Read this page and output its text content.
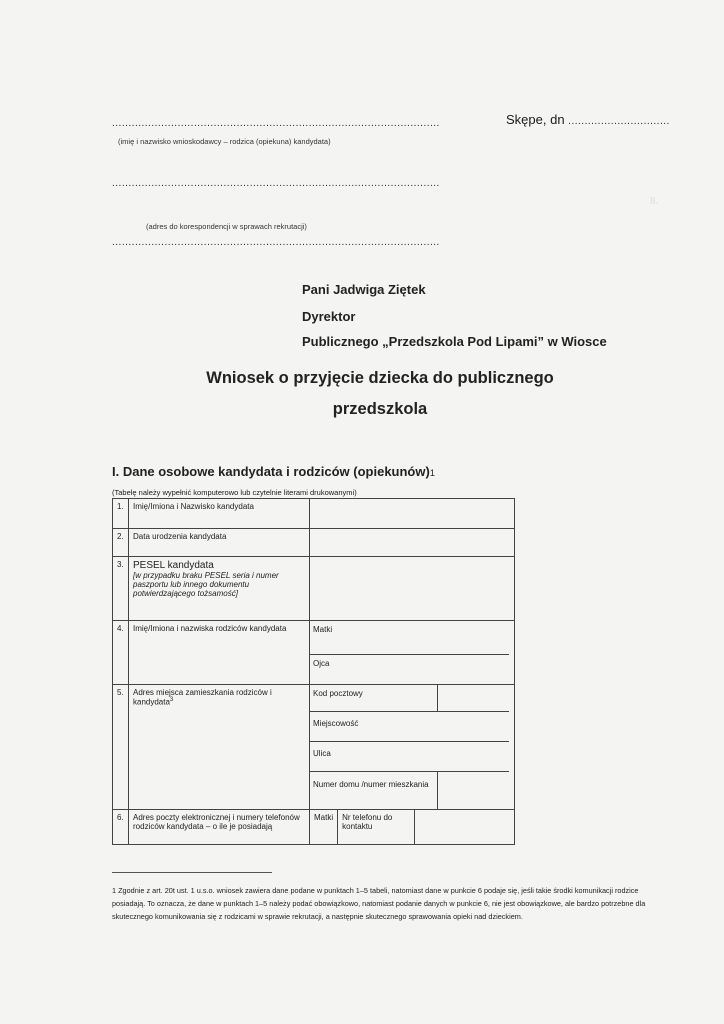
II.
....................................................................................................
(imię i nazwisko wnioskodawcy – rodzica (opiekuna) kandydata)
Skępe, dn ...............................
....................................................................................................
(adres do korespondencji w sprawach rekrutacji)
....................................................................................................
Pani Jadwiga Ziętek
Dyrektor
Publicznego „Przedszkola Pod Lipami” w Wiosce
Wniosek o przyjęcie dziecka do publicznego
przedszkola
I. Dane osobowe kandydata i rodziców (opiekunów)1
(Tabelę należy wypełnić komputerowo lub czytelnie literami drukowanymi)
1.	Imię/Imiona i Nazwisko kandydata			
2.	Data urodzenia kandydata			
3.	PESEL kandydata
[w przypadku braku PESEL seria i numer paszportu lub innego dokumentu potwierdzającego tożsamość]			

4.	Imię/Imiona i nazwiska rodziców kandydata	Matki
Ojca		

5.	Adres miejsca zamieszkania rodziców i kandydata$^3$	Kod pocztowy
Miejscowość
Ulica
Numer domu /numer mieszkania		

6.	Adres poczty elektronicznej i numery telefonów rodziców kandydata – o ile je posiadają	Matki	Nr telefonu do kontaktu	
1 Zgodnie z art. 20t ust. 1 u.s.o. wniosek zawiera dane podane w punktach 1–5 tabeli, natomiast dane w punkcie 6 podaje się, jeśli takie środki komunikacji rodzice posiadają. To oznacza, że dane w punktach 1–5 należy podać obowiązkowo, natomiast podanie danych w punkcie 6, nie jest obowiązkowe, ale bardzo potrzebne dla skutecznego komunikowania się z rodzicami w sprawie rekrutacji, a następnie skutecznego sprawowania opieki nad dzieckiem.
